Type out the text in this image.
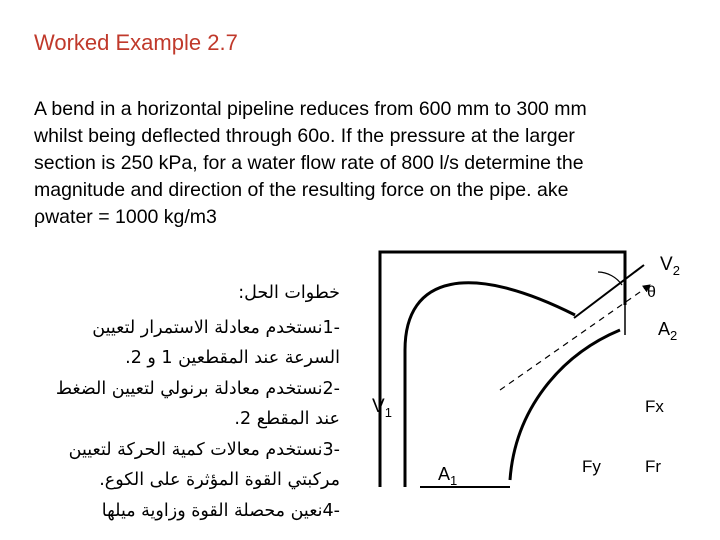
Worked Example 2.7
A bend in a horizontal pipeline reduces from 600 mm to 300 mm
whilst being deflected through 60o. If the pressure at the larger
section is 250 kPa, for a water flow rate of 800 l/s determine the
magnitude and direction of the resulting force on the pipe. ake
ρwater = 1000 kg/m3
خطوات الحل:
-1نستخدم معادلة الاستمرار لتعيين
السرعة عند المقطعين 1 و 2.
-2نستخدم معادلة برنولي لتعيين الضغط
عند المقطع 2.
-3نستخدم معالات كمية الحركة لتعيين
مركبتي القوة المؤثرة على الكوع.
-4نعين محصلة القوة وزاوية ميلها
$V_2$
θ
$A_2$
$V_1$
$A_1$
Fx
Fy	Fr
